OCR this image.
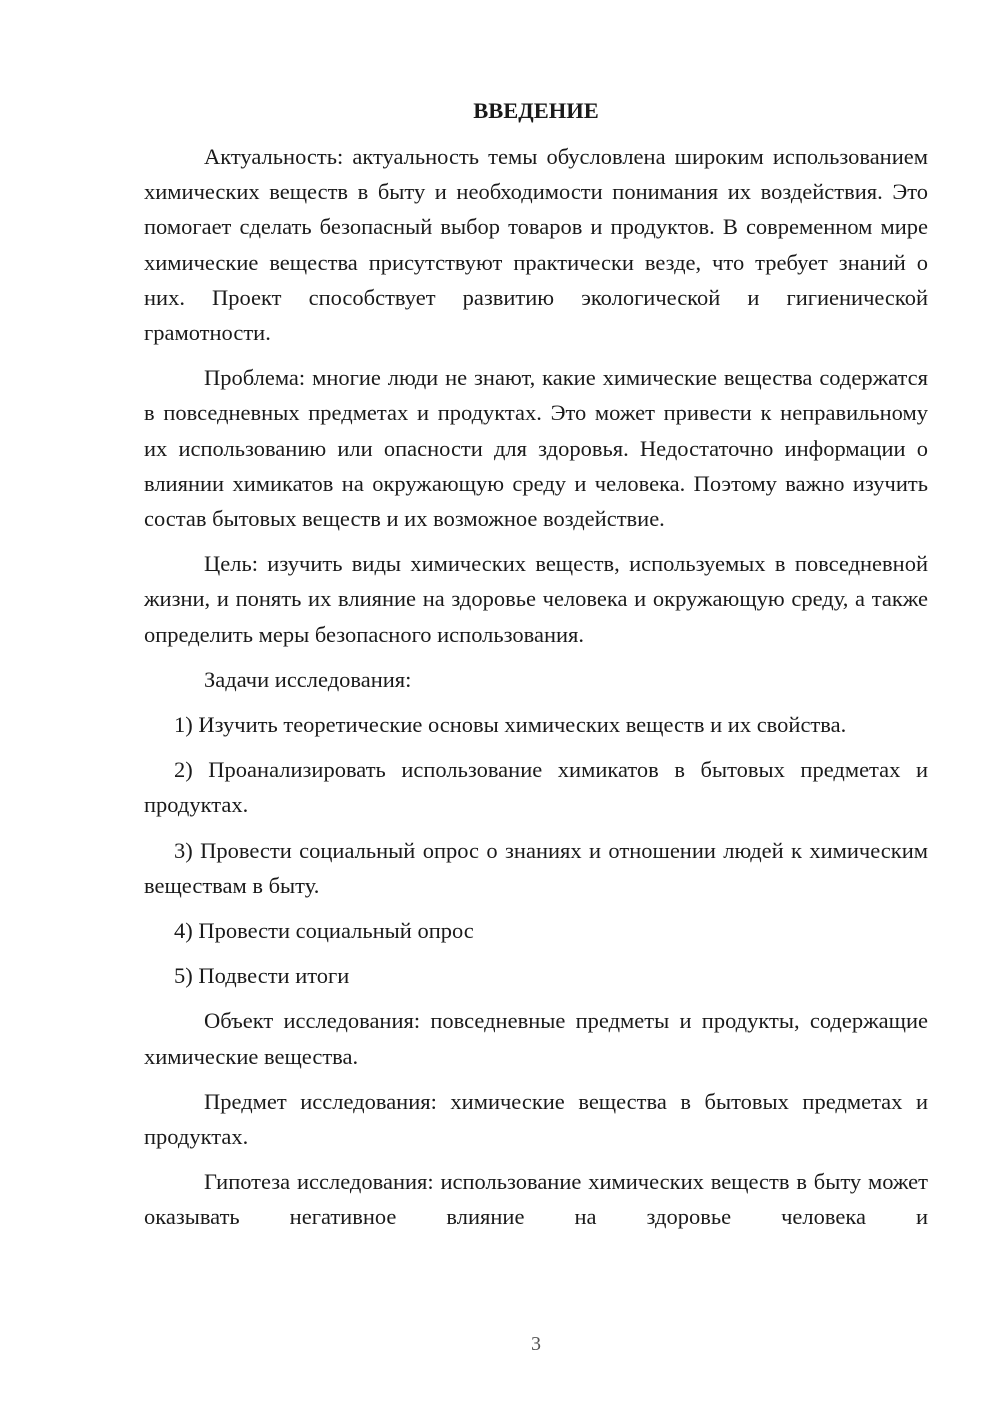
ВВЕДЕНИЕ

Актуальность: актуальность темы обусловлена широким использованием химических веществ в быту и необходимости понимания их воздействия. Это помогает сделать безопасный выбор товаров и продуктов. В современном мире химические вещества присутствуют практически везде, что требует знаний о них. Проект способствует развитию экологической и гигиенической грамотности.

Проблема: многие люди не знают, какие химические вещества содержатся в повседневных предметах и продуктах. Это может привести к неправильному их использованию или опасности для здоровья. Недостаточно информации о влиянии химикатов на окружающую среду и человека. Поэтому важно изучить состав бытовых веществ и их возможное воздействие.

Цель: изучить виды химических веществ, используемых в повседневной жизни, и понять их влияние на здоровье человека и окружающую среду, а также определить меры безопасного использования.

Задачи исследования:

1) Изучить теоретические основы химических веществ и их свойства.

2) Проанализировать использование химикатов в бытовых предметах и продуктах.

3) Провести социальный опрос о знаниях и отношении людей к химическим веществам в быту.

4) Провести социальный опрос

5) Подвести итоги

Объект исследования: повседневные предметы и продукты, содержащие химические вещества.

Предмет исследования: химические вещества в бытовых предметах и продуктах.

Гипотеза исследования: использование химических веществ в быту может оказывать негативное влияние на здоровье человека и

3
